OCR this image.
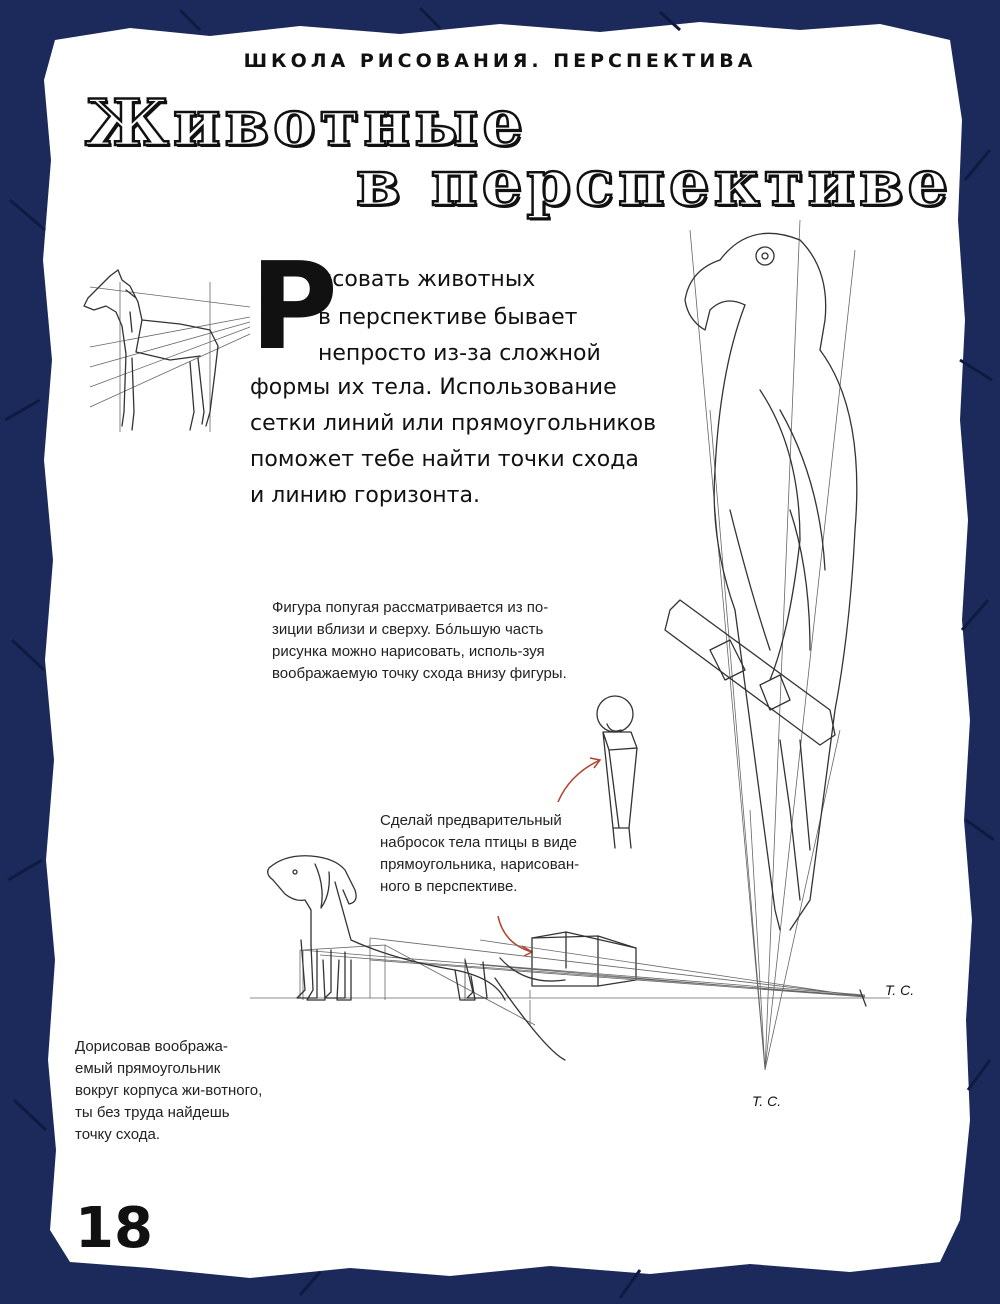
ШКОЛА РИСОВАНИЯ. ПЕРСПЕКТИВА
Животные
в перспективе
Р
исовать животных
в перспективе бывает
непросто из-за сложной
формы их тела. Использование
сетки линий или прямоугольников
поможет тебе найти точки схода
и линию горизонта.
Фигура попугая рассматривается из по-зиции вблизи и сверху. Бóльшую часть рисунка можно нарисовать, исполь-зуя воображаемую точку схода внизу фигуры.
Сделай предварительный набросок тела птицы в виде прямоугольника, нарисован-ного в перспективе.
Т. С.
Т. С.
Дорисовав вообража-емый прямоугольник вокруг корпуса жи-вотного, ты без труда найдешь точку схода.
18
